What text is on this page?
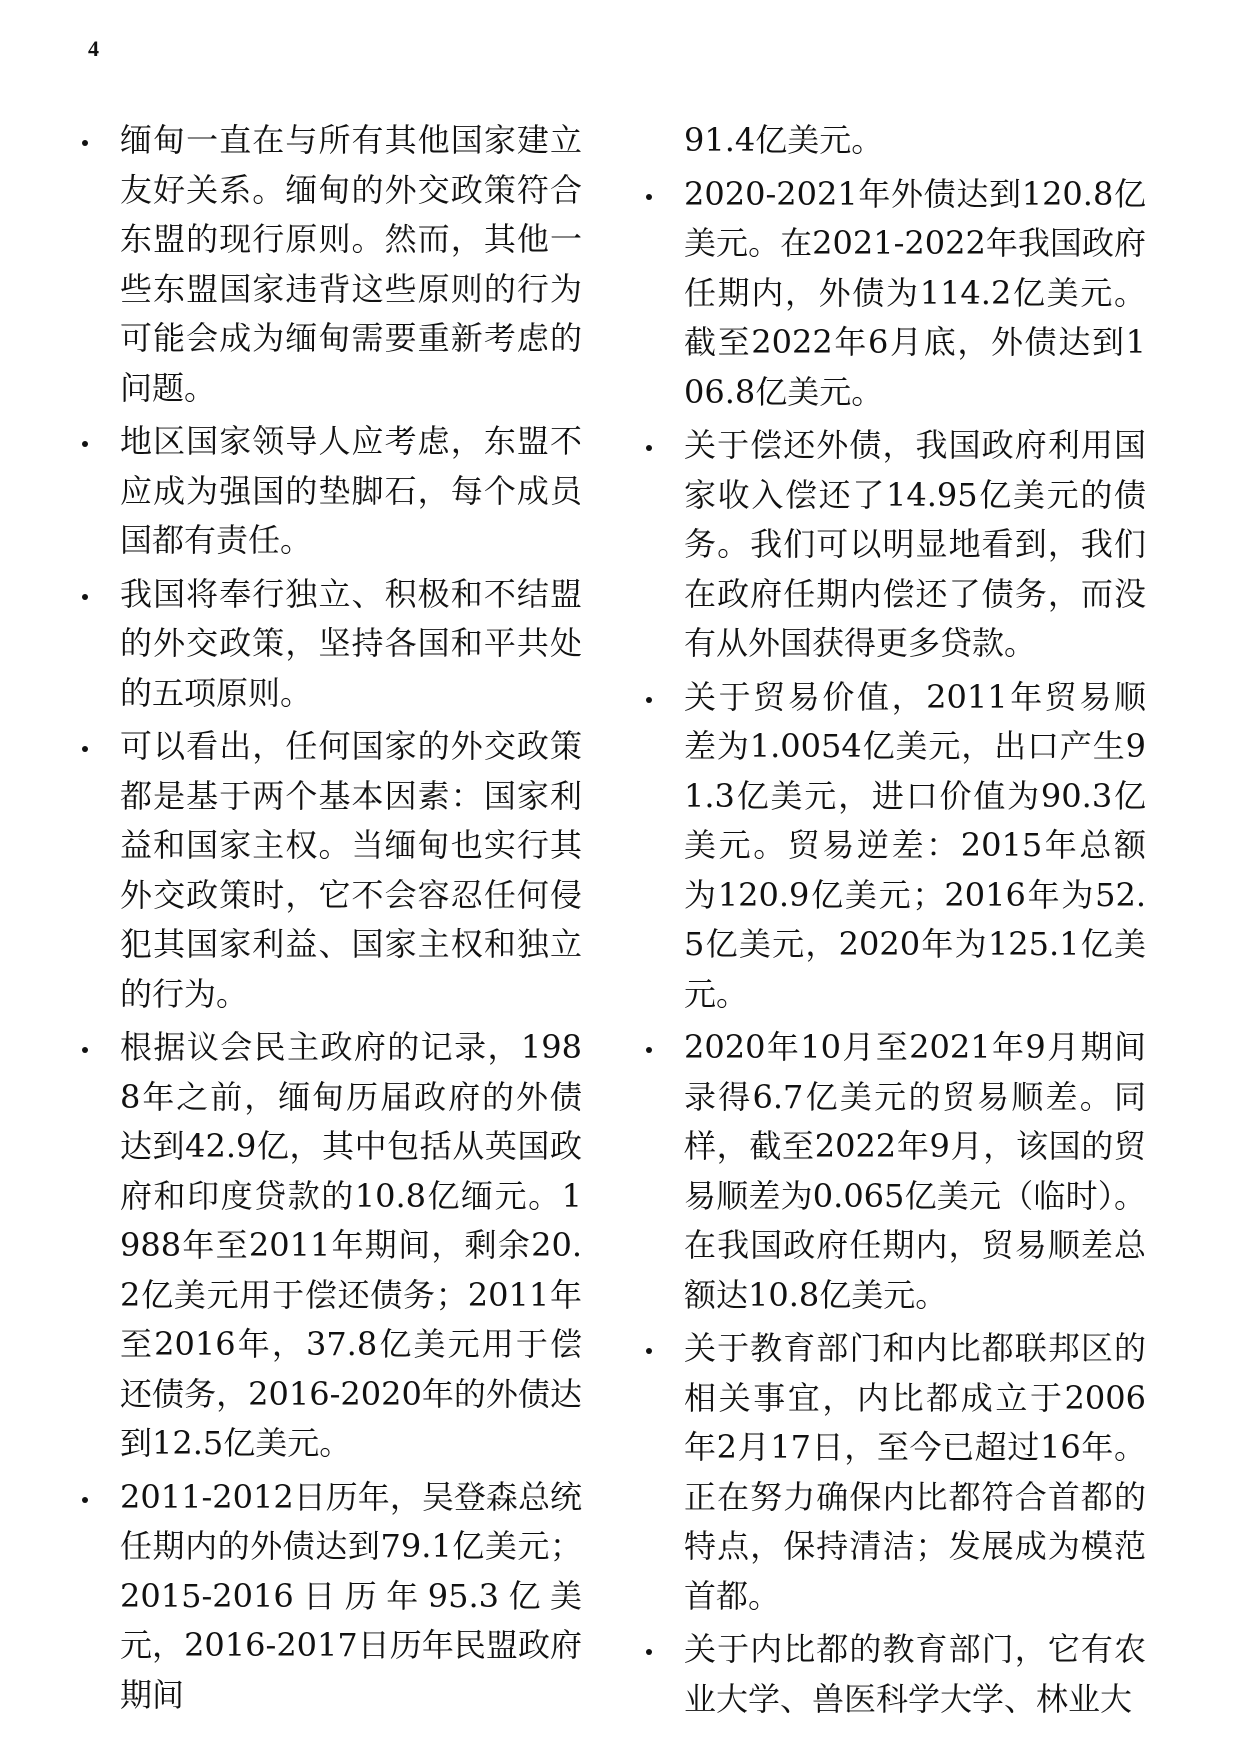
4
缅甸一直在与所有其他国家建立友好关系。缅甸的外交政策符合东盟的现行原则。然而，其他一些东盟国家违背这些原则的行为可能会成为缅甸需要重新考虑的问题。
地区国家领导人应考虑，东盟不应成为强国的垫脚石，每个成员国都有责任。
我国将奉行独立、积极和不结盟的外交政策，坚持各国和平共处的五项原则。
可以看出，任何国家的外交政策都是基于两个基本因素：国家利益和国家主权。当缅甸也实行其外交政策时，它不会容忍任何侵犯其国家利益、国家主权和独立的行为。
根据议会民主政府的记录，1988年之前，缅甸历届政府的外债达到42.9亿，其中包括从英国政府和印度贷款的10.8亿缅元。1988年至2011年期间，剩余20.2亿美元用于偿还债务；2011年至2016年，37.8亿美元用于偿还债务，2016-2020年的外债达到12.5亿美元。
2011-2012日历年，吴登森总统任期内的外债达到79.1亿美元；2015-2016日历年95.3亿美元，2016-2017日历年民盟政府期间
91.4亿美元。
2020-2021年外债达到120.8亿美元。在2021-2022年我国政府任期内，外债为114.2亿美元。截至2022年6月底，外债达到106.8亿美元。
关于偿还外债，我国政府利用国家收入偿还了14.95亿美元的债务。我们可以明显地看到，我们在政府任期内偿还了债务，而没有从外国获得更多贷款。
关于贸易价值，2011年贸易顺差为1.0054亿美元，出口产生91.3亿美元，进口价值为90.3亿美元。贸易逆差：2015年总额为120.9亿美元；2016年为52.5亿美元，2020年为125.1亿美元。
2020年10月至2021年9月期间录得6.7亿美元的贸易顺差。同样，截至2022年9月，该国的贸易顺差为0.065亿美元（临时）。在我国政府任期内，贸易顺差总额达10.8亿美元。
关于教育部门和内比都联邦区的相关事宜，内比都成立于2006年2月17日，至今已超过16年。正在努力确保内比都符合首都的特点，保持清洁；发展成为模范首都。
关于内比都的教育部门，它有农业大学、兽医科学大学、林业大
